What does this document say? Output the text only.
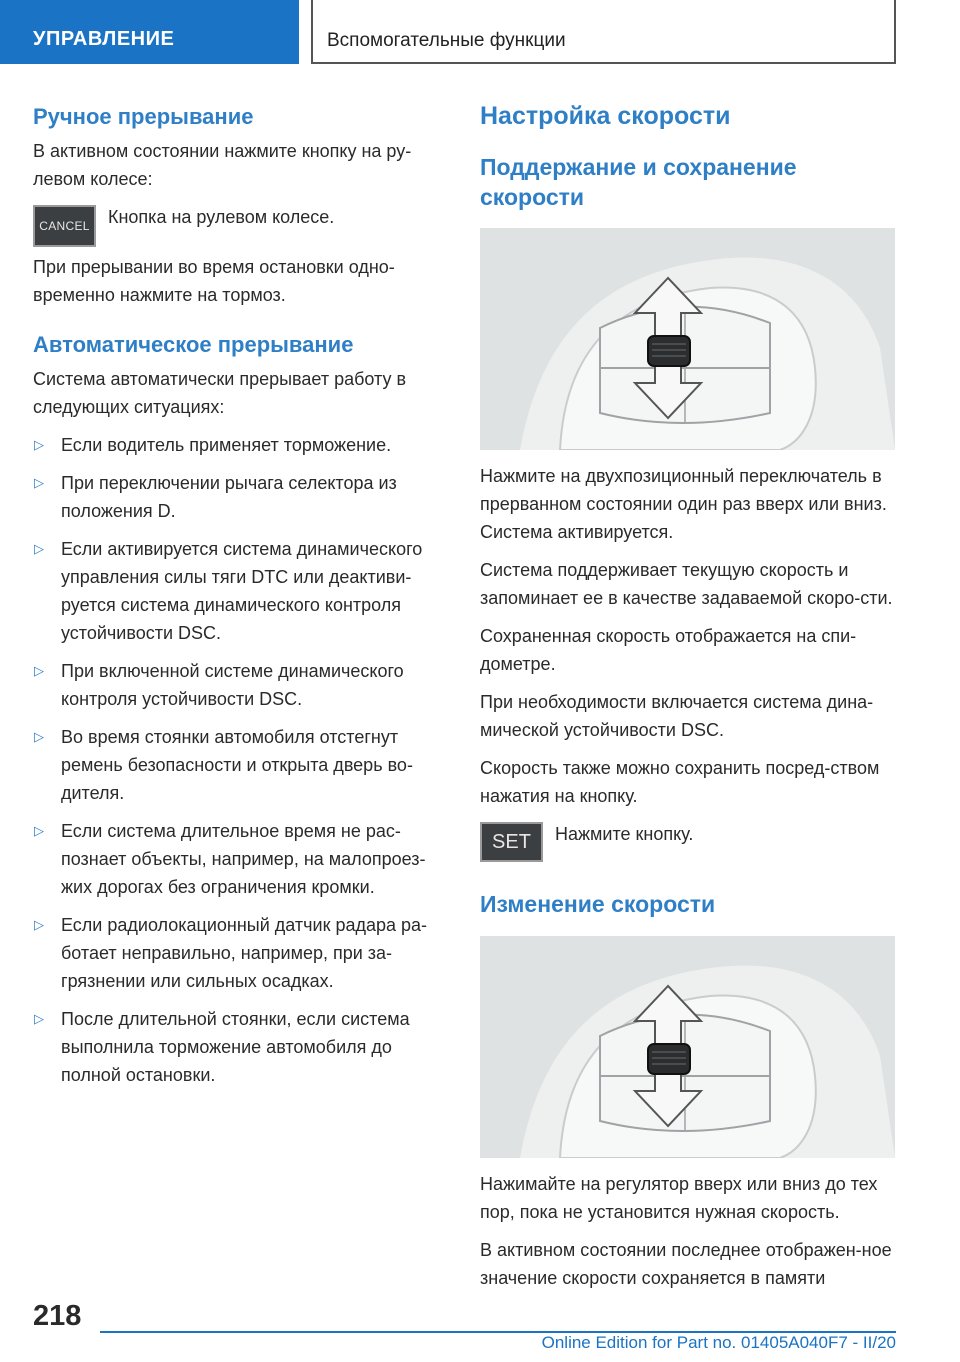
УПРАВЛЕНИЕ	Вспомогательные функции
Ручное прерывание

В активном состоянии нажмите кнопку на ру-левом колесе:

CANCEL Кнопка на рулевом колесе.

При прерывании во время остановки одно-временно нажмите на тормоз.

Автоматическое прерывание

Система автоматически прерывает работу в следующих ситуациях:

▷ Если водитель применяет торможение.
▷ При переключении рычага селектора из положения D.
▷ Если активируется система динамического управления силы тяги DTC или деактиви-руется система динамического контроля устойчивости DSC.
▷ При включенной системе динамического контроля устойчивости DSC.
▷ Во время стоянки автомобиля отстегнут ремень безопасности и открыта дверь во-дителя.
▷ Если система длительное время не рас-познает объекты, например, на малопроез-жих дорогах без ограничения кромки.
▷ Если радиолокационный датчик радара ра-ботает неправильно, например, при за-грязнении или сильных осадках.
▷ После длительной стоянки, если система выполнила торможение автомобиля до полной остановки.
Настройка скорости
Поддержание и сохранение скорости

Нажмите на двухпозиционный переключатель в прерванном состоянии один раз вверх или вниз. Система активируется.

Система поддерживает текущую скорость и запоминает ее в качестве задаваемой скоро-сти.

Сохраненная скорость отображается на спи-дометре.

При необходимости включается система дина-мической устойчивости DSC.

Скорость также можно сохранить посред-ством нажатия на кнопку.

SET Нажмите кнопку.

Изменение скорости

Нажимайте на регулятор вверх или вниз до тех пор, пока не установится нужная скорость.

В активном состоянии последнее отображен-ное значение скорости сохраняется в памяти

218
Online Edition for Part no. 01405A040F7 - II/20
